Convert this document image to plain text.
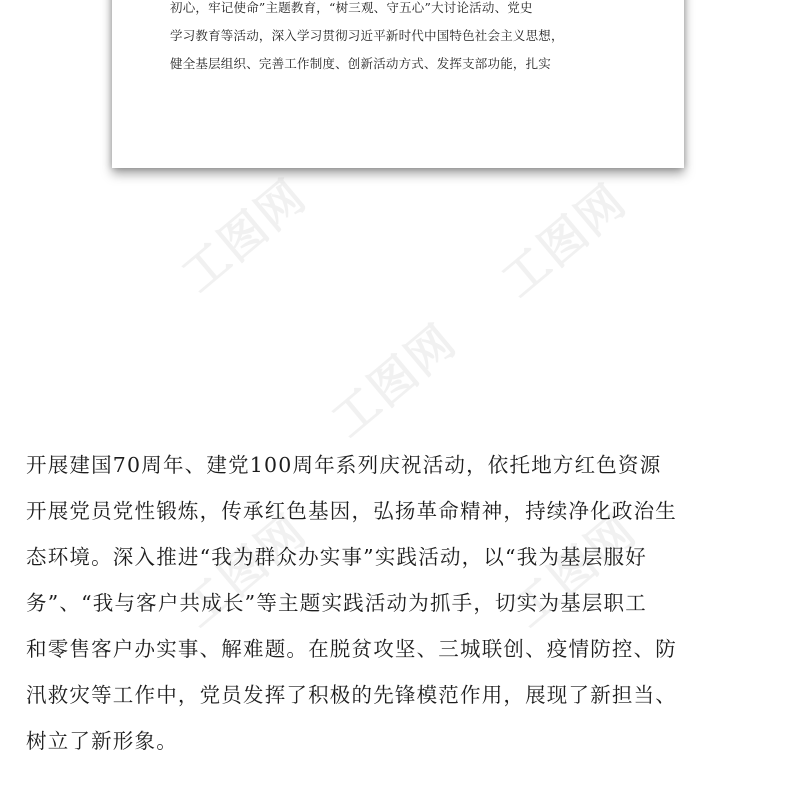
初心，牢记使命”主题教育，“树三观、守五心”大讨论活动、党史
学习教育等活动，深入学习贯彻习近平新时代中国特色社会主义思想，
健全基层组织、完善工作制度、创新活动方式、发挥支部功能，扎实
工图网	工图网
工图网
工图网	工图网
开展建国70周年、建党100周年系列庆祝活动，依托地方红色资源
开展党员党性锻炼，传承红色基因，弘扬革命精神，持续净化政治生
态环境。深入推进“我为群众办实事”实践活动，以“我为基层服好
务”、“我与客户共成长”等主题实践活动为抓手，切实为基层职工
和零售客户办实事、解难题。在脱贫攻坚、三城联创、疫情防控、防
汛救灾等工作中，党员发挥了积极的先锋模范作用，展现了新担当、
树立了新形象。
